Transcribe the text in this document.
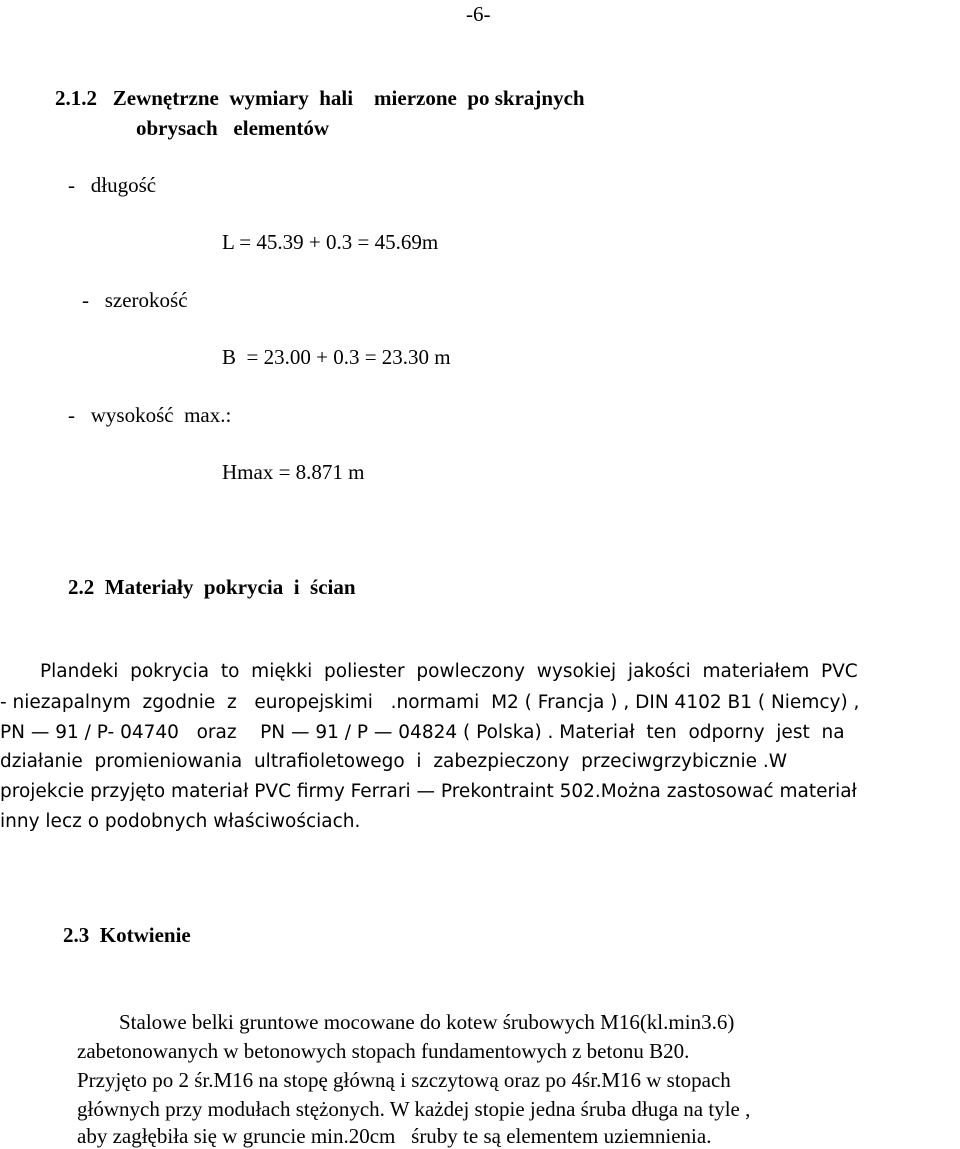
-6-
2.1.2   Zewnętrzne  wymiary  hali    mierzone  po skrajnych
obrysach   elementów
-   długość
L = 45.39 + 0.3 = 45.69m
-   szerokość
B  = 23.00 + 0.3 = 23.30 m
-   wysokość  max.:
Hmax = 8.871 m
2.2  Materiały  pokrycia  i  ścian
Plandeki  pokrycia  to  miękki  poliester  powleczony  wysokiej  jakości  materiałem  PVC
- niezapalnym  zgodnie  z   europejskimi   .normami  M2 ( Francja ) , DIN 4102 B1 ( Niemcy) ,
PN — 91 / P- 04740   oraz    PN — 91 / P — 04824 ( Polska) . Materiał  ten  odporny  jest  na
działanie  promieniowania  ultrafioletowego  i  zabezpieczony  przeciwgrzybicznie .W
projekcie przyjęto materiał PVC firmy Ferrari — Prekontraint 502.Można zastosować materiał
inny lecz o podobnych właściwościach.
2.3  Kotwienie
Stalowe belki gruntowe mocowane do kotew śrubowych M16(kl.min3.6)
zabetonowanych w betonowych stopach fundamentowych z betonu B20.
Przyjęto po 2 śr.M16 na stopę główną i szczytową oraz po 4śr.M16 w stopach
głównych przy modułach stężonych. W każdej stopie jedna śruba długa na tyle ,
aby zagłębiła się w gruncie min.20cm   śruby te są elementem uziemnienia.
